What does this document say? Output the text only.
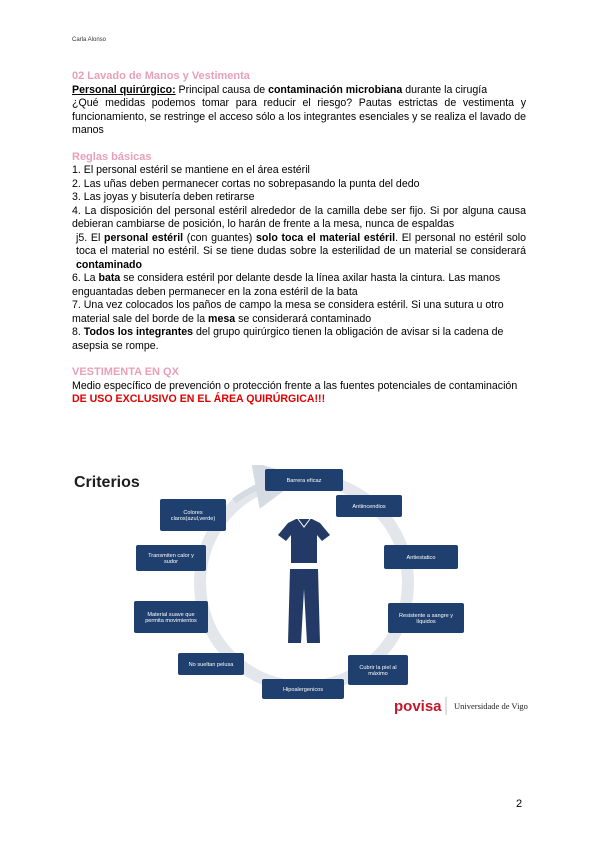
Carla Alonso

02 Lavado de Manos y Vestimenta

Personal quirúrgico: Principal causa de contaminación microbiana durante la cirugía

¿Qué medidas podemos tomar para reducir el riesgo? Pautas estrictas de vestimenta y funcionamiento, se restringe el acceso sólo a los integrantes esenciales y se realiza el lavado de manos

Reglas básicas

1. El personal estéril se mantiene en el área estéril

2. Las uñas deben permanecer cortas no sobrepasando la punta del dedo

3. Las joyas y bisutería deben retirarse

4. La disposición del personal estéril alrededor de la camilla debe ser fijo. Si por alguna causa debieran cambiarse de posición, lo harán de frente a la mesa, nunca de espaldas

j5. El personal estéril (con guantes) solo toca el material estéril. El personal no estéril solo toca el material no estéril. Si se tiene dudas sobre la esterilidad de un material se considerará contaminado

6. La bata se considera estéril por delante desde la línea axilar hasta la cintura. Las manos enguantadas deben permanecer en la zona estéril de la bata

7. Una vez colocados los paños de campo la mesa se considera estéril. Si una sutura u otro material sale del borde de la mesa se considerará contaminado

8. Todos los integrantes del grupo quirúrgico tienen la obligación de avisar si la cadena de asepsia se rompe.

VESTIMENTA EN QX

Medio específico de prevención o protección frente a las fuentes potenciales de contaminación

DE USO EXCLUSIVO EN EL ÁREA QUIRÚRGICA!!!

Criterios	Barrera eficaz
Antiincendios
Antiestatico
Resistente a sangre y líquidos
Cubrir la piel al máximo
Hipoalergenicos
No sueltan pelusa
Material suave que permita movimientos
Transmiten calor y sudor
Colores claros(azul,verde)
povisa Universidade de Vigo
2
